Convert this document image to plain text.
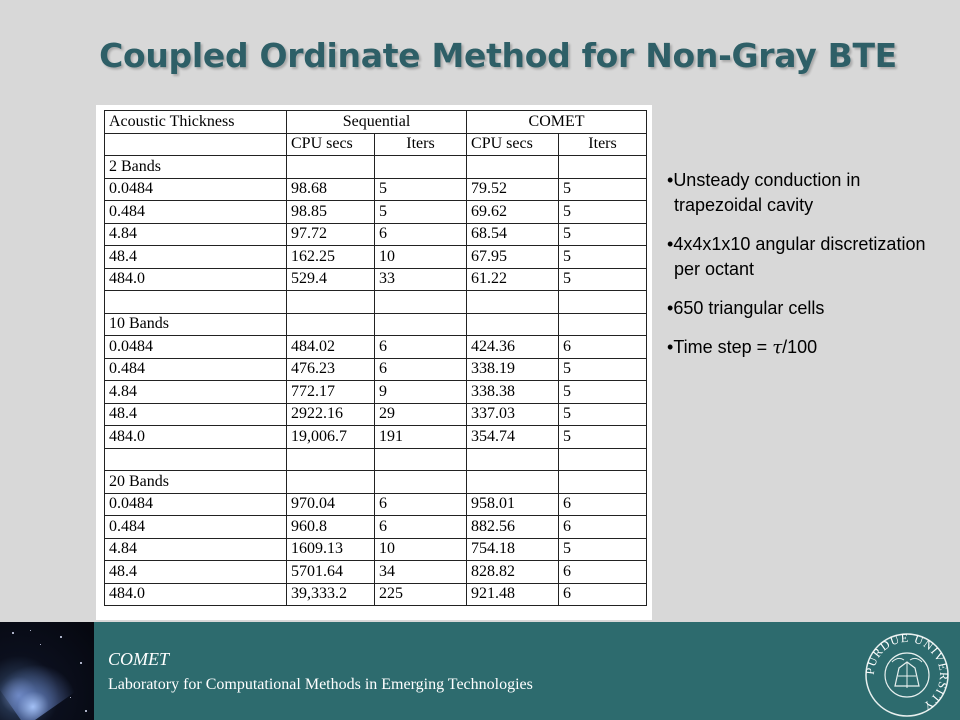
Coupled Ordinate Method for Non-Gray BTE
Acoustic Thickness	Sequential		COMET	
	CPU secs	Iters	CPU secs	Iters
2 Bands				
0.0484	98.68	5	79.52	5
0.484	98.85	5	69.62	5
4.84	97.72	6	68.54	5
48.4	162.25	10	67.95	5
484.0	529.4	33	61.22	5

10 Bands				
0.0484	484.02	6	424.36	6
0.484	476.23	6	338.19	5
4.84	772.17	9	338.38	5
48.4	2922.16	29	337.03	5
484.0	19,006.7	191	354.74	5

20 Bands				
0.0484	970.04	6	958.01	6
0.484	960.8	6	882.56	6
4.84	1609.13	10	754.18	5
48.4	5701.64	34	828.82	6
484.0	39,333.2	225	921.48	6
•Unsteady conduction in trapezoidal cavity
•4x4x1x10 angular discretization per octant
•650 triangular cells
•Time step = τ/100
COMET
Laboratory for Computational Methods in Emerging Technologies
PURDUE UNIVERSITY
